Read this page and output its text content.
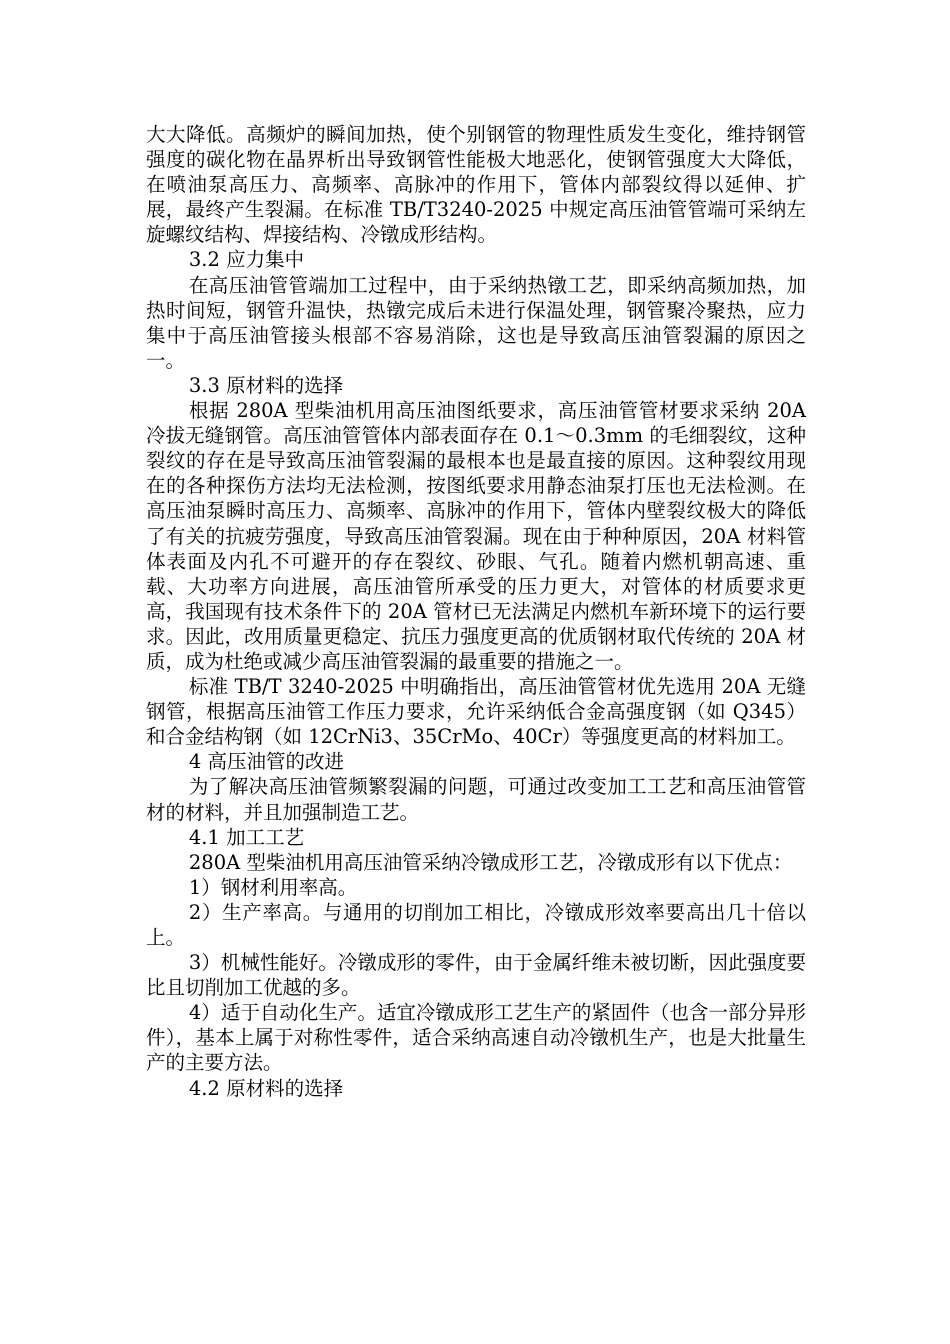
大大降低。高频炉的瞬间加热，使个别钢管的物理性质发生变化，维持钢管强度的碳化物在晶界析出导致钢管性能极大地恶化，使钢管强度大大降低，在喷油泵高压力、高频率、高脉冲的作用下，管体内部裂纹得以延伸、扩展，最终产生裂漏。在标准 TB/T3240-2025 中规定高压油管管端可采纳左旋螺纹结构、焊接结构、冷镦成形结构。

3.2 应力集中

在高压油管管端加工过程中，由于采纳热镦工艺，即采纳高频加热，加热时间短，钢管升温快，热镦完成后未进行保温处理，钢管聚冷聚热，应力集中于高压油管接头根部不容易消除，这也是导致高压油管裂漏的原因之一。

3.3 原材料的选择

根据 280A 型柴油机用高压油图纸要求，高压油管管材要求采纳 20A 冷拔无缝钢管。高压油管管体内部表面存在 0.1～0.3mm 的毛细裂纹，这种裂纹的存在是导致高压油管裂漏的最根本也是最直接的原因。这种裂纹用现在的各种探伤方法均无法检测，按图纸要求用静态油泵打压也无法检测。在高压油泵瞬时高压力、高频率、高脉冲的作用下，管体内壁裂纹极大的降低了有关的抗疲劳强度，导致高压油管裂漏。现在由于种种原因，20A 材料管体表面及内孔不可避开的存在裂纹、砂眼、气孔。随着内燃机朝高速、重载、大功率方向进展，高压油管所承受的压力更大，对管体的材质要求更高，我国现有技术条件下的 20A 管材已无法满足内燃机车新环境下的运行要求。因此，改用质量更稳定、抗压力强度更高的优质钢材取代传统的 20A 材质，成为杜绝或减少高压油管裂漏的最重要的措施之一。

标准 TB/T 3240-2025 中明确指出，高压油管管材优先选用 20A 无缝钢管，根据高压油管工作压力要求，允许采纳低合金高强度钢（如 Q345）和合金结构钢（如 12CrNi3、35CrMo、40Cr）等强度更高的材料加工。

4 高压油管的改进

为了解决高压油管频繁裂漏的问题，可通过改变加工工艺和高压油管管材的材料，并且加强制造工艺。

4.1 加工工艺

280A 型柴油机用高压油管采纳冷镦成形工艺，冷镦成形有以下优点：

1）钢材利用率高。

2）生产率高。与通用的切削加工相比，冷镦成形效率要高出几十倍以上。

3）机械性能好。冷镦成形的零件，由于金属纤维未被切断，因此强度要比且切削加工优越的多。

4）适于自动化生产。适宜冷镦成形工艺生产的紧固件（也含一部分异形件），基本上属于对称性零件，适合采纳高速自动冷镦机生产，也是大批量生产的主要方法。

4.2 原材料的选择
